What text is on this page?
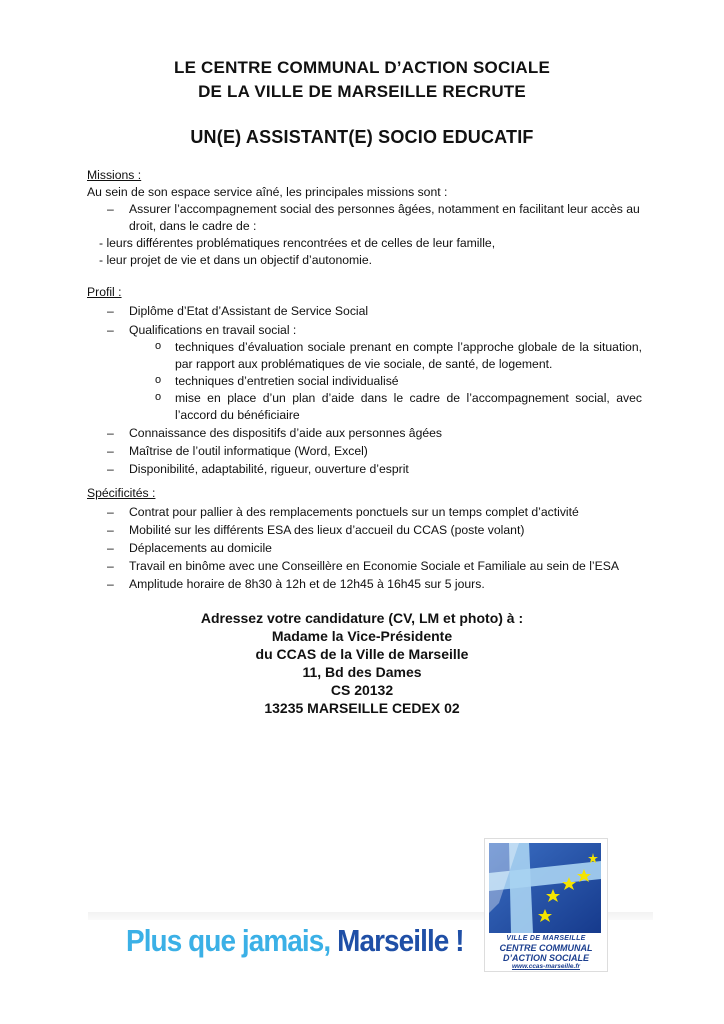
LE CENTRE COMMUNAL D’ACTION SOCIALE
DE LA VILLE DE MARSEILLE RECRUTE
UN(E) ASSISTANT(E) SOCIO EDUCATIF
Missions :
Au sein de son espace service aîné, les principales missions sont :
– Assurer l’accompagnement social des personnes âgées, notamment en facilitant leur accès au droit, dans le cadre de :
- leurs différentes problématiques rencontrées et de celles de leur famille,
- leur projet de vie et dans un objectif d’autonomie.
Profil :
– Diplôme d’Etat d’Assistant de Service Social
– Qualifications en travail social :
o techniques d’évaluation sociale prenant en compte l’approche globale de la situation, par rapport aux problématiques de vie sociale, de santé, de logement.
o techniques d’entretien social individualisé
o mise en place d’un plan d’aide dans le cadre de l’accompagnement social, avec l’accord du bénéficiaire
– Connaissance des dispositifs d’aide aux personnes âgées
– Maîtrise de l’outil informatique (Word, Excel)
– Disponibilité, adaptabilité, rigueur, ouverture d’esprit
Spécificités :
– Contrat pour pallier à des remplacements ponctuels sur un temps complet d’activité
– Mobilité sur les différents ESA des lieux d’accueil du CCAS (poste volant)
– Déplacements au domicile
– Travail en binôme avec une Conseillère en Economie Sociale et Familiale au sein de l’ESA
– Amplitude horaire de 8h30 à 12h et de 12h45 à 16h45 sur 5 jours.
Adressez votre candidature (CV, LM et photo) à :
Madame la Vice-Présidente
du CCAS de la Ville de Marseille
11, Bd des Dames
CS 20132
13235 MARSEILLE CEDEX 02
Plus que jamais, Marseille !	VILLE DE MARSEILLE
CENTRE COMMUNAL
D’ACTION SOCIALE
www.ccas-marseille.fr
